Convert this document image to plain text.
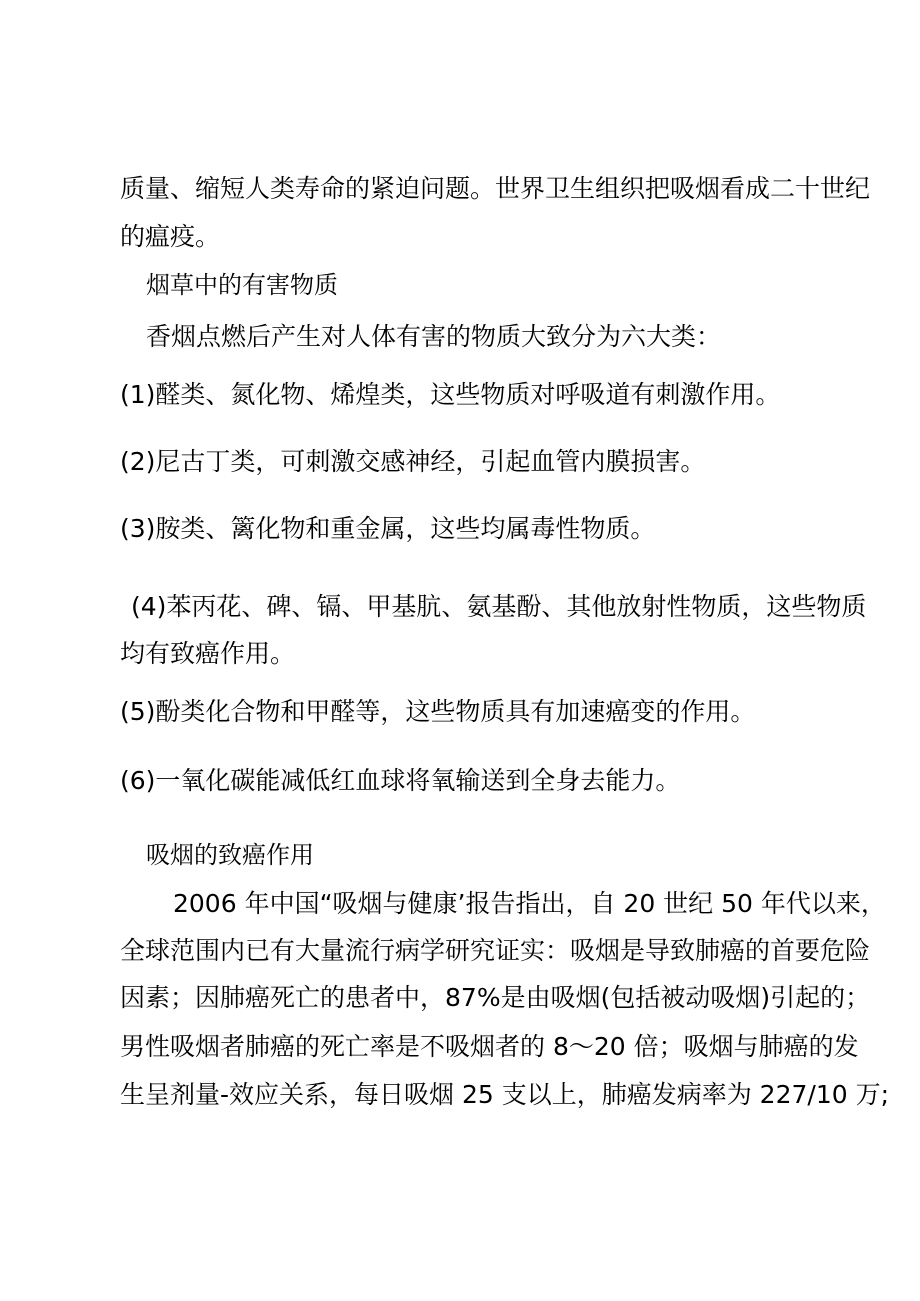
质量、缩短人类寿命的紧迫问题。世界卫生组织把吸烟看成二十世纪
的瘟疫。
烟草中的有害物质
香烟点燃后产生对人体有害的物质大致分为六大类：
(1)醛类、氮化物、烯煌类，这些物质对呼吸道有刺激作用。
(2)尼古丁类，可刺激交感神经，引起血管内膜损害。
(3)胺类、篱化物和重金属，这些均属毒性物质。
(4)苯丙花、碑、镉、甲基肮、氨基酚、其他放射性物质，这些物质
均有致癌作用。
(5)酚类化合物和甲醛等，这些物质具有加速癌变的作用。
(6)一氧化碳能减低红血球将氧输送到全身去能力。
吸烟的致癌作用
2006 年中国“吸烟与健康’报告指出，自 20 世纪 50 年代以来，
全球范围内已有大量流行病学研究证实：吸烟是导致肺癌的首要危险
因素；因肺癌死亡的患者中，87%是由吸烟(包括被动吸烟)引起的；
男性吸烟者肺癌的死亡率是不吸烟者的 8～20 倍；吸烟与肺癌的发
生呈剂量-效应关系，每日吸烟 25 支以上，肺癌发病率为 227/10 万;
